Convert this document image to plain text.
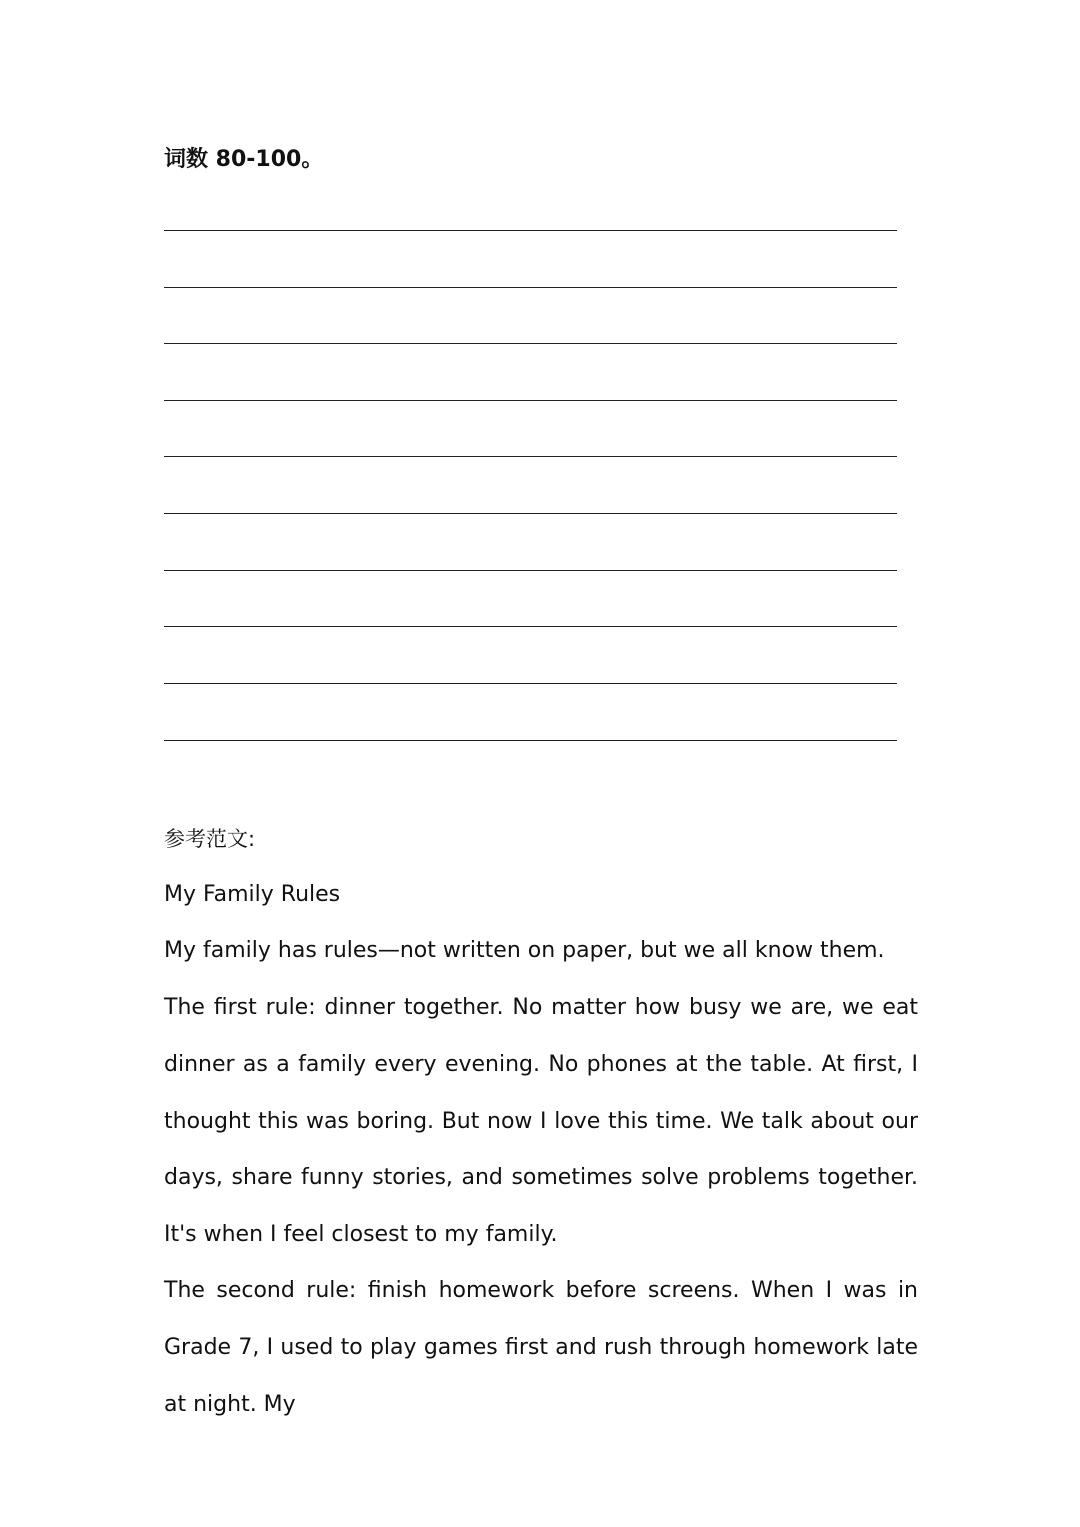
词数 80-100。
参考范文:
My Family Rules
My family has rules—not written on paper, but we all know them.
The first rule: dinner together. No matter how busy we are, we eat dinner as a family every evening. No phones at the table. At first, I thought this was boring. But now I love this time. We talk about our days, share funny stories, and sometimes solve problems together. It's when I feel closest to my family.
The second rule: finish homework before screens. When I was in Grade 7, I used to play games first and rush through homework late at night. My
